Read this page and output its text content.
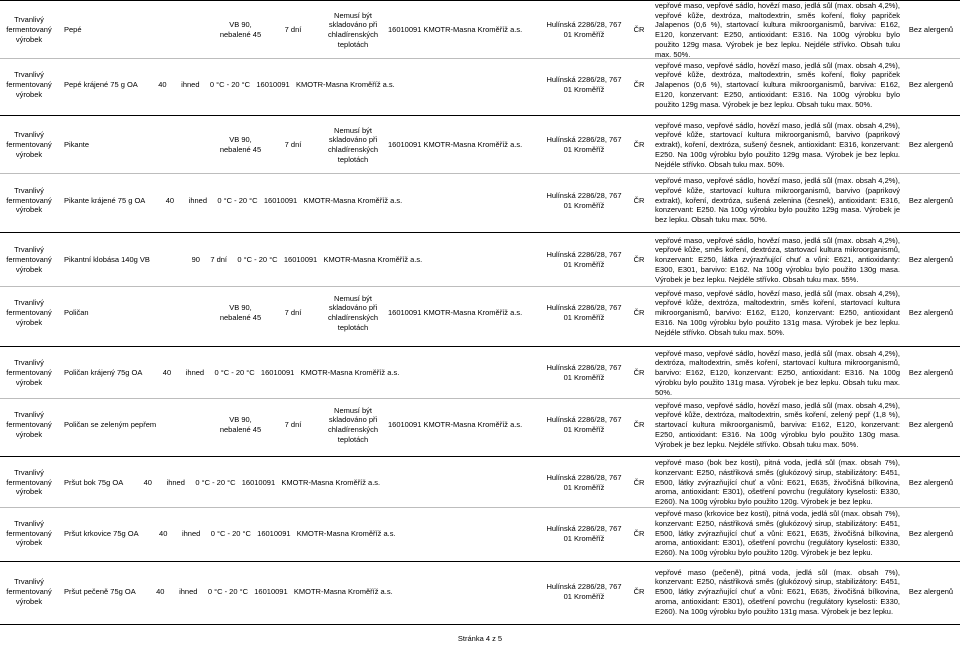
Trvanlivý fermentovaný výrobek
Pepé
VB 90, nebalené 45
7 dní
Nemusí být skladováno při chladírenských teplotách
16010091 KMOTR-Masna Kroměříž a.s.
Hulínská 2286/28, 767 01 Kroměříž
ČR
vepřové maso, vepřové sádlo, hovězí maso, jedlá sůl (max. obsah 4,2%), vepřové kůže, dextróza, maltodextrin, směs koření, floky papriček Jalapenos (0,6 %), startovací kultura mikroorganismů, barviva: E162, E120, konzervant: E250, antioxidant: E316. Na 100g výrobku bylo použito 129g masa. Výrobek je bez lepku. Nejdéle střívko. Obsah tuku max. 50%.
Bez alergenů
Trvanlivý fermentovaný výrobek
Pepé krájené 75 g OA          40       ihned     0 °C - 20 °C   16010091   KMOTR-Masna Kroměříž a.s.
Hulínská 2286/28, 767 01 Kroměříž
ČR
vepřové maso, vepřové sádlo, hovězí maso, jedlá sůl (max. obsah 4,2%), vepřové kůže, dextróza, maltodextrin, směs koření, floky papriček Jalapenos (0,6 %), startovací kultura mikroorganismů, barviva: E162, E120, konzervant: E250, antioxidant: E316. Na 100g výrobku bylo použito 129g masa. Výrobek je bez lepku. Obsah tuku max. 50%.
Bez alergenů
Trvanlivý fermentovaný výrobek
Pikante
VB 90, nebalené 45
7 dní
Nemusí být skladováno při chladírenských teplotách
16010091 KMOTR-Masna Kroměříž a.s.
Hulínská 2286/28, 767 01 Kroměříž
ČR
vepřové maso, vepřové sádlo, hovězí maso, jedlá sůl (max. obsah 4,2%), vepřové kůže, startovací kultura mikroorganismů, barvivo (paprikový extrakt), koření, dextróza, sušený česnek, antioxidant: E316, konzervant: E250. Na 100g výrobku bylo použito 129g masa. Výrobek je bez lepku. Nejdéle střívko. Obsah tuku max. 50%.
Bez alergenů
Trvanlivý fermentovaný výrobek
Pikante krájené 75 g OA          40       ihned     0 °C - 20 °C   16010091   KMOTR-Masna Kroměříž a.s.
Hulínská 2286/28, 767 01 Kroměříž
ČR
vepřové maso, vepřové sádlo, hovězí maso, jedlá sůl (max. obsah 4,2%), vepřové kůže, startovací kultura mikroorganismů, barvivo (paprikový extrakt), koření, dextróza, sušená zelenina (česnek), antioxidant: E316, konzervant: E250. Na 100g výrobku bylo použito 129g masa. Výrobek je bez lepku. Obsah tuku max. 50%.
Bez alergenů
Trvanlivý fermentovaný výrobek
Pikantní klobása 140g VB                    90     7 dní     0 °C - 20 °C   16010091   KMOTR-Masna Kroměříž a.s.
Hulínská 2286/28, 767 01 Kroměříž
ČR
vepřové maso, vepřové sádlo, hovězí maso, jedlá sůl (max. obsah 4,2%), vepřové kůže, směs koření, dextróza, startovací kultura mikroorganismů, konzervant: E250, látka zvýrazňující chuť a vůni: E621, antioxidanty: E300, E301, barvivo: E162. Na 100g výrobku bylo použito 130g masa. Výrobek je bez lepku. Nejdéle střívko. Obsah tuku max. 55%.
Bez alergenů
Trvanlivý fermentovaný výrobek
Poličan
VB 90, nebalené 45
7 dní
Nemusí být skladováno při chladírenských teplotách
16010091 KMOTR-Masna Kroměříž a.s.
Hulínská 2286/28, 767 01 Kroměříž
ČR
vepřové maso, vepřové sádlo, hovězí maso, jedlá sůl (max. obsah 4,2%), vepřové kůže, dextróza, maltodextrin, směs koření, startovací kultura mikroorganismů, barvivo: E162, E120, konzervant: E250, antioxidant E316. Na 100g výrobku bylo použito 131g masa. Výrobek je bez lepku. Nejdéle střívko. Obsah tuku max. 50%.
Bez alergenů
Trvanlivý fermentovaný výrobek
Poličan krájený 75g OA          40       ihned     0 °C - 20 °C   16010091   KMOTR-Masna Kroměříž a.s.
Hulínská 2286/28, 767 01 Kroměříž
ČR
vepřové maso, vepřové sádlo, hovězí maso, jedlá sůl (max. obsah 4,2%), dextróza, maltodextrin, směs koření, startovací kultura mikroorganismů, barvivo: E162, E120, konzervant: E250, antioxidant: E316. Na 100g výrobku bylo použito 131g masa. Výrobek je bez lepku. Obsah tuku max. 50%.
Bez alergenů
Trvanlivý fermentovaný výrobek
Poličan se zeleným pepřem
VB 90, nebalené 45
7 dní
Nemusí být skladováno při chladírenských teplotách
16010091 KMOTR-Masna Kroměříž a.s.
Hulínská 2286/28, 767 01 Kroměříž
ČR
vepřové maso, vepřové sádlo, hovězí maso, jedlá sůl (max. obsah 4,2%), vepřové kůže, dextróza, maltodextrin, směs koření, zelený pepř (1,8 %), startovací kultura mikroorganismů, barviva: E162, E120, konzervant: E250, antioxidant: E316. Na 100g výrobku bylo použito 130g masa. Výrobek je bez lepku. Nejdéle střívko. Obsah tuku max. 50%.
Bez alergenů
Trvanlivý fermentovaný výrobek
Pršut bok 75g OA          40       ihned     0 °C - 20 °C   16010091   KMOTR-Masna Kroměříž a.s.
Hulínská 2286/28, 767 01 Kroměříž
ČR
vepřové maso (bok bez kosti), pitná voda, jedlá sůl (max. obsah 7%), konzervant: E250, nástřiková směs (glukózový sirup, stabilizátory: E451, E500, látky zvýrazňující chuť a vůni: E621, E635, živočišná bílkovina, aroma, antioxidant: E301), ošetření povrchu (regulátory kyselosti: E330, E260). Na 100g výrobku bylo použito 120g. Výrobek je bez lepku.
Bez alergenů
Trvanlivý fermentovaný výrobek
Pršut krkovice 75g OA          40       ihned     0 °C - 20 °C   16010091   KMOTR-Masna Kroměříž a.s.
Hulínská 2286/28, 767 01 Kroměříž
ČR
vepřové maso (krkovice bez kosti), pitná voda, jedlá sůl (max. obsah 7%), konzervant: E250, nástřiková směs (glukózový sirup, stabilizátory: E451, E500, látky zvýrazňující chuť a vůni: E621, E635, živočišná bílkovina, aroma, antioxidant: E301), ošetření povrchu (regulátory kyselosti: E330, E260). Na 100g výrobku bylo použito 120g. Výrobek je bez lepku.
Bez alergenů
Trvanlivý fermentovaný výrobek
Pršut pečeně 75g OA          40       ihned     0 °C - 20 °C   16010091   KMOTR-Masna Kroměříž a.s.
Hulínská 2286/28, 767 01 Kroměříž
ČR
vepřové maso (pečeně), pitná voda, jedlá sůl (max. obsah 7%), konzervant: E250, nástřiková směs (glukózový sirup, stabilizátory: E451, E500, látky zvýrazňující chuť a vůni: E621, E635, živočišná bílkovina, aroma, antioxidant: E301), ošetření povrchu (regulátory kyselosti: E330, E260). Na 100g výrobku bylo použito 131g masa. Výrobek je bez lepku.
Bez alergenů
Stránka 4 z 5
